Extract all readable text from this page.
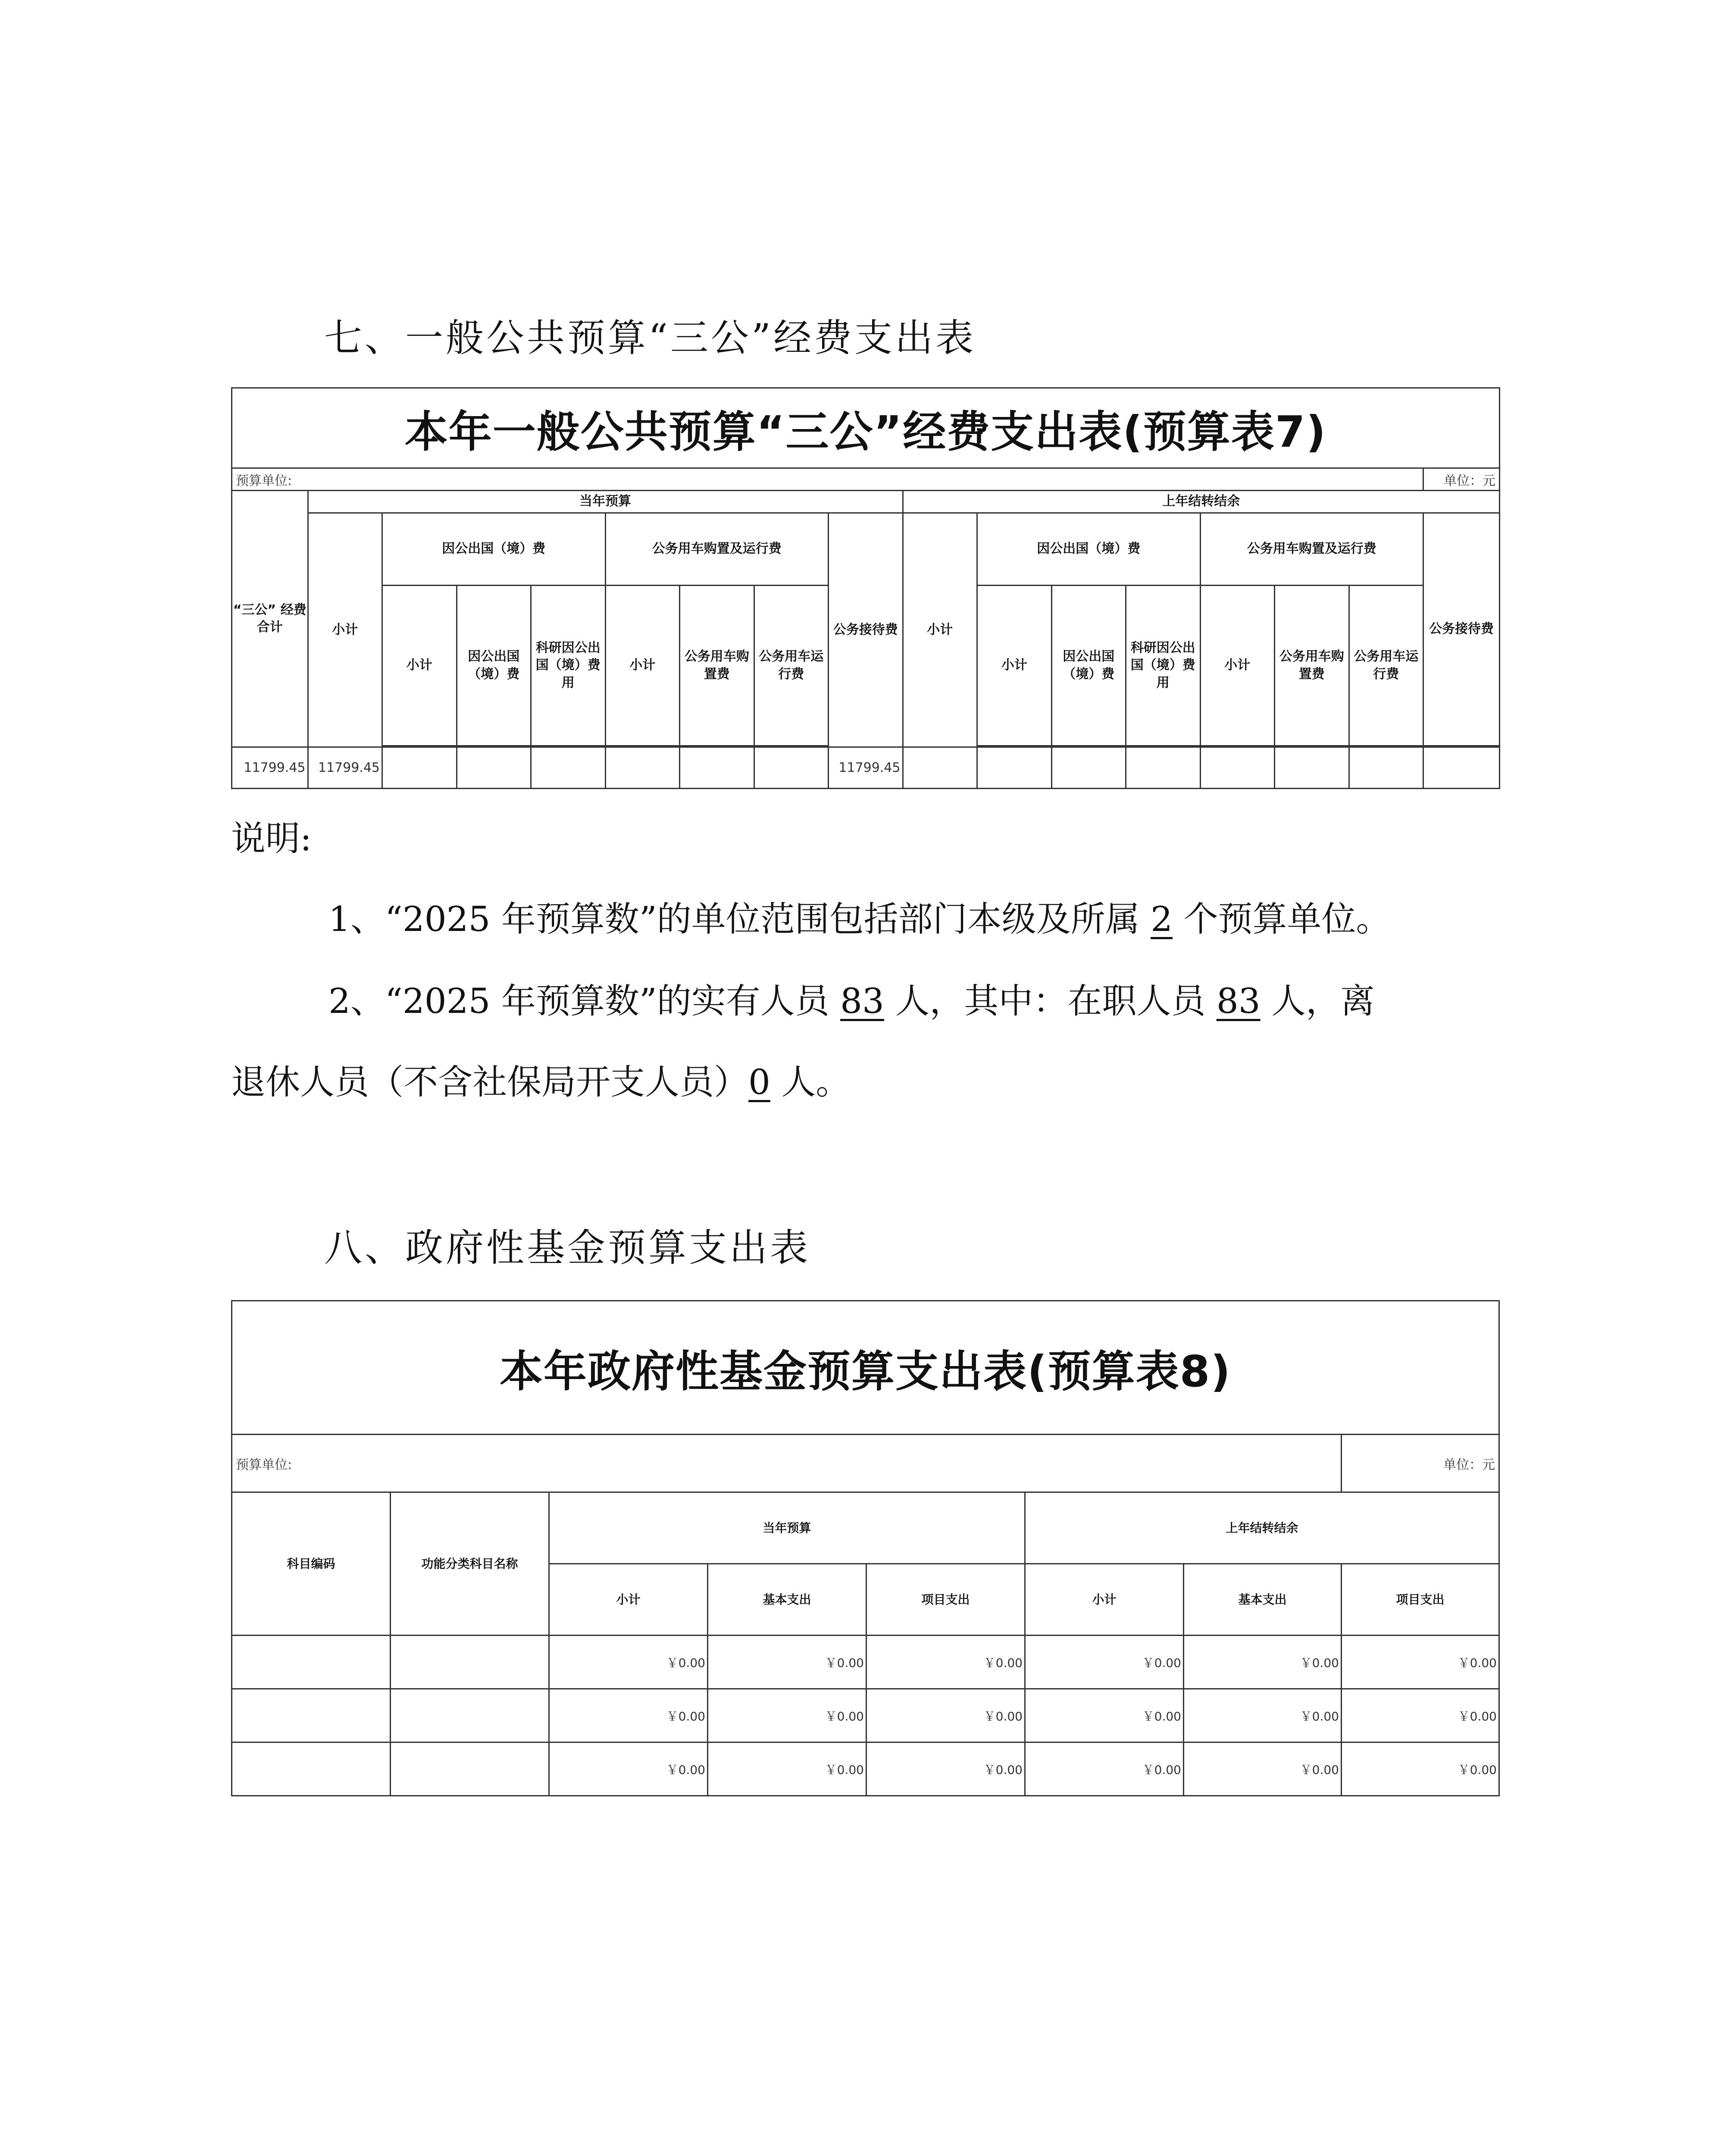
七、一般公共预算“三公”经费支出表
本年一般公共预算“三公”经费支出表(预算表7)																
预算单位:																单位：元
“三公” 经费合计	当年预算								上年结转结余							
	小计	因公出国（境）费			公务用车购置及运行费			公务接待费	小计	因公出国（境）费			公务用车购置及运行费			公务接待费
		小计	因公出国（境）费	科研因公出国（境）费用	小计	公务用车购置费	公务用车运行费			小计	因公出国（境）费	科研因公出国（境）费用	小计	公务用车购置费	公务用车运行费	

11799.45	11799.45							11799.45								
说明:
1、“2025 年预算数”的单位范围包括部门本级及所属 2 个预算单位。
2、“2025 年预算数”的实有人员 83 人，其中：在职人员 83 人，离
退休人员（不含社保局开支人员）0 人。
八、政府性基金预算支出表
本年政府性基金预算支出表(预算表8)							
预算单位:							单位：元
科目编码	功能分类科目名称	当年预算			上年结转结余		
		小计	基本支出	项目支出	小计	基本支出	项目支出
		￥0.00	￥0.00	￥0.00	￥0.00	￥0.00	￥0.00
		￥0.00	￥0.00	￥0.00	￥0.00	￥0.00	￥0.00
		￥0.00	￥0.00	￥0.00	￥0.00	￥0.00	￥0.00
